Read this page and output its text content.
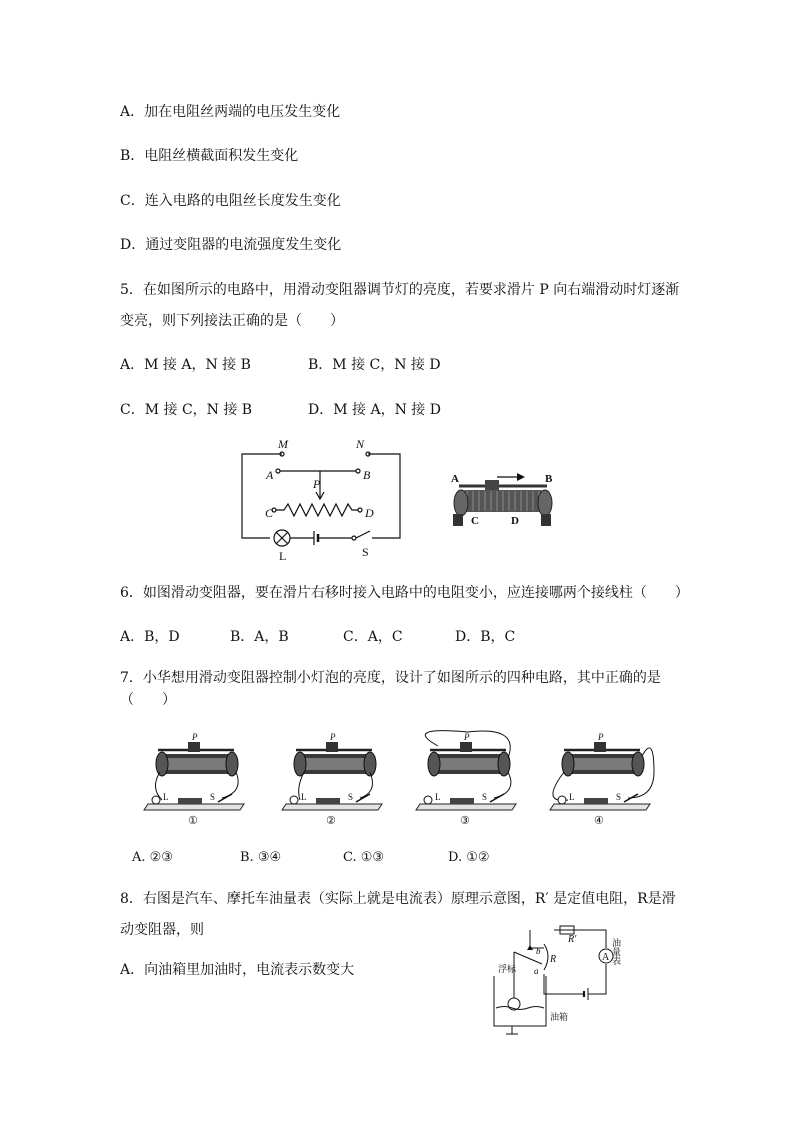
A．加在电阻丝两端的电压发生变化
B．电阻丝横截面积发生变化
C．连入电路的电阻丝长度发生变化
D．通过变阻器的电流强度发生变化
5．在如图所示的电路中，用滑动变阻器调节灯的亮度，若要求滑片 P 向右端滑动时灯逐渐
变亮，则下列接法正确的是（　　）
A．M 接 A，N 接 B	B．M 接 C，N 接 D
C．M 接 C，N 接 B	D．M 接 A，N 接 D
M	N
A	B
P
C	D
L	S
A	B
C	D
6．如图滑动变阻器，要在滑片右移时接入电路中的电阻变小，应连接哪两个接线柱（　　）
A．B，D	B．A，B	C．A，C	D．B，C
7．小华想用滑动变阻器控制小灯泡的亮度，设计了如图所示的四种电路，其中正确的是
（　　）
P
L	S
①
P
L	S
②
P
L	S
③
P
L	S
④
A. ②③	B. ③④	C. ①③	D. ①②
8．右图是汽车、摩托车油量表（实际上就是电流表）原理示意图，R′ 是定值电阻，R是滑
动变阻器，则
A．向油箱里加油时，电流表示数变大
A
R′
R
b
a
浮标
油箱
油量表
